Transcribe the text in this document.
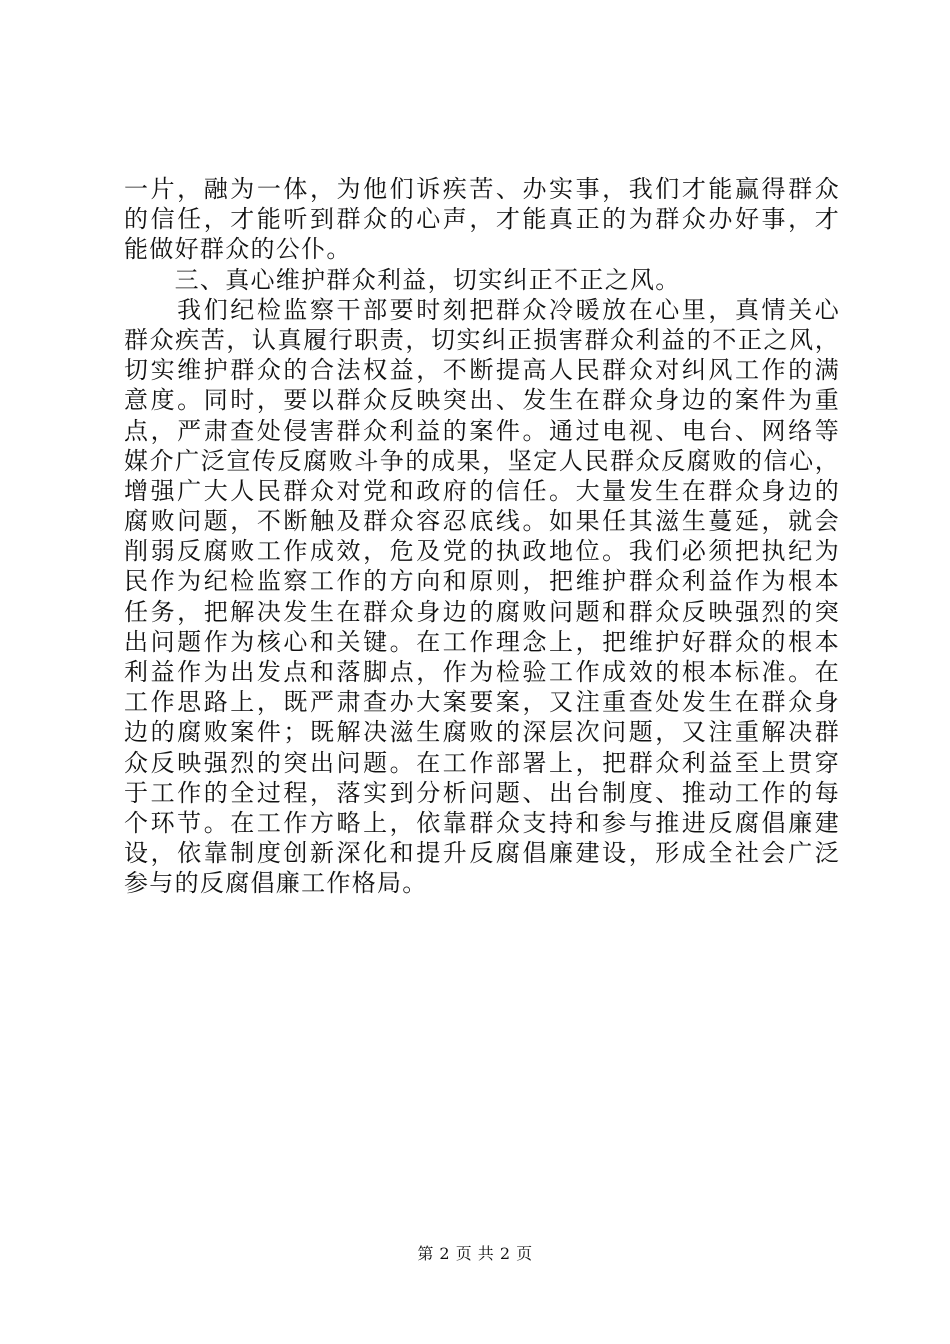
一片，融为一体，为他们诉疾苦、办实事，我们才能赢得群众
的信任，才能听到群众的心声，才能真正的为群众办好事，才
能做好群众的公仆。
　　三、真心维护群众利益，切实纠正不正之风。
　　我们纪检监察干部要时刻把群众冷暖放在心里，真情关心
群众疾苦，认真履行职责，切实纠正损害群众利益的不正之风，
切实维护群众的合法权益，不断提高人民群众对纠风工作的满
意度。同时，要以群众反映突出、发生在群众身边的案件为重
点，严肃查处侵害群众利益的案件。通过电视、电台、网络等
媒介广泛宣传反腐败斗争的成果，坚定人民群众反腐败的信心，
增强广大人民群众对党和政府的信任。大量发生在群众身边的
腐败问题，不断触及群众容忍底线。如果任其滋生蔓延，就会
削弱反腐败工作成效，危及党的执政地位。我们必须把执纪为
民作为纪检监察工作的方向和原则，把维护群众利益作为根本
任务，把解决发生在群众身边的腐败问题和群众反映强烈的突
出问题作为核心和关键。在工作理念上，把维护好群众的根本
利益作为出发点和落脚点，作为检验工作成效的根本标准。在
工作思路上，既严肃查办大案要案，又注重查处发生在群众身
边的腐败案件；既解决滋生腐败的深层次问题，又注重解决群
众反映强烈的突出问题。在工作部署上，把群众利益至上贯穿
于工作的全过程，落实到分析问题、出台制度、推动工作的每
个环节。在工作方略上，依靠群众支持和参与推进反腐倡廉建
设，依靠制度创新深化和提升反腐倡廉建设，形成全社会广泛
参与的反腐倡廉工作格局。
第 2 页 共 2 页
